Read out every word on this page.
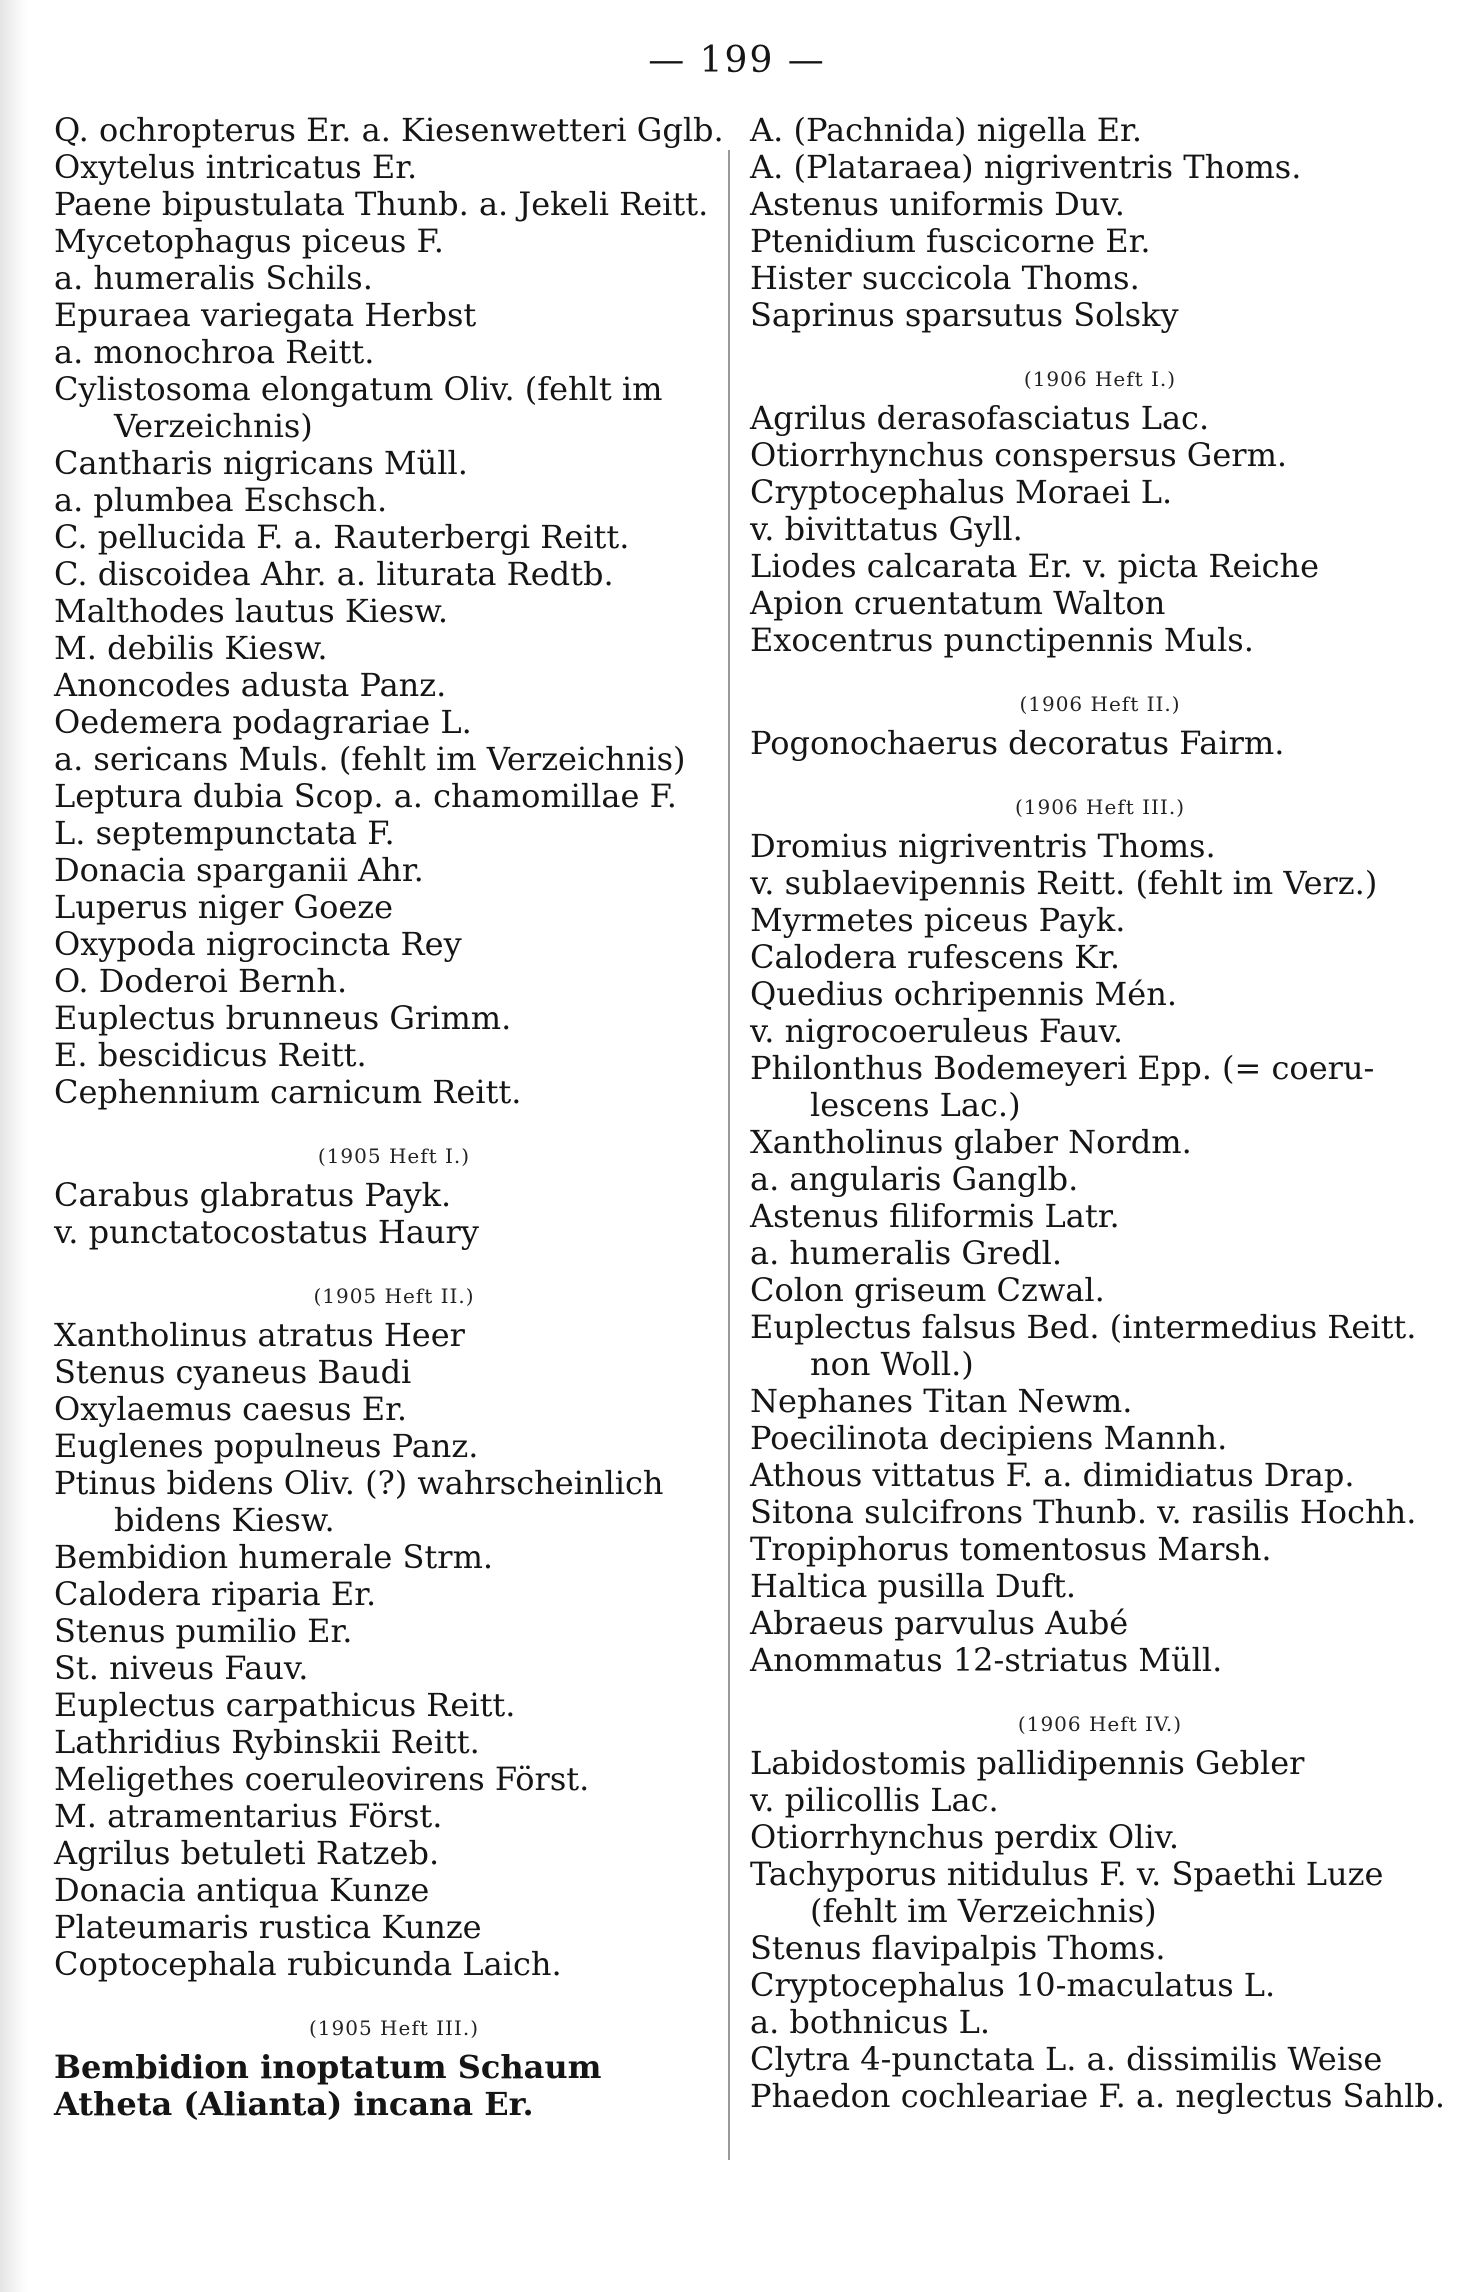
— 199 —
Q. ochropterus Er. a. Kiesenwetteri Gglb.
Oxytelus intricatus Er.
Paene bipustulata Thunb. a. Jekeli Reitt.
Mycetophagus piceus F.
a. humeralis Schils.
Epuraea variegata Herbst
a. monochroa Reitt.
Cylistosoma elongatum Oliv. (fehlt im
Verzeichnis)
Cantharis nigricans Müll.
a. plumbea Eschsch.
C. pellucida F. a. Rauterbergi Reitt.
C. discoidea Ahr. a. liturata Redtb.
Malthodes lautus Kiesw.
M. debilis Kiesw.
Anoncodes adusta Panz.
Oedemera podagrariae L.
a. sericans Muls. (fehlt im Verzeichnis)
Leptura dubia Scop. a. chamomillae F.
L. septempunctata F.
Donacia sparganii Ahr.
Luperus niger Goeze
Oxypoda nigrocincta Rey
O. Doderoi Bernh.
Euplectus brunneus Grimm.
E. bescidicus Reitt.
Cephennium carnicum Reitt.
(1905 Heft I.)
Carabus glabratus Payk.
v. punctatocostatus Haury
(1905 Heft II.)
Xantholinus atratus Heer
Stenus cyaneus Baudi
Oxylaemus caesus Er.
Euglenes populneus Panz.
Ptinus bidens Oliv. (?) wahrscheinlich
bidens Kiesw.
Bembidion humerale Strm.
Calodera riparia Er.
Stenus pumilio Er.
St. niveus Fauv.
Euplectus carpathicus Reitt.
Lathridius Rybinskii Reitt.
Meligethes coeruleovirens Först.
M. atramentarius Först.
Agrilus betuleti Ratzeb.
Donacia antiqua Kunze
Plateumaris rustica Kunze
Coptocephala rubicunda Laich.
(1905 Heft III.)
Bembidion inoptatum Schaum
Atheta (Alianta) incana Er.
A. (Pachnida) nigella Er.
A. (Plataraea) nigriventris Thoms.
Astenus uniformis Duv.
Ptenidium fuscicorne Er.
Hister succicola Thoms.
Saprinus sparsutus Solsky
(1906 Heft I.)
Agrilus derasofasciatus Lac.
Otiorrhynchus conspersus Germ.
Cryptocephalus Moraei L.
v. bivittatus Gyll.
Liodes calcarata Er. v. picta Reiche
Apion cruentatum Walton
Exocentrus punctipennis Muls.
(1906 Heft II.)
Pogonochaerus decoratus Fairm.
(1906 Heft III.)
Dromius nigriventris Thoms.
v. sublaevipennis Reitt. (fehlt im Verz.)
Myrmetes piceus Payk.
Calodera rufescens Kr.
Quedius ochripennis Mén.
v. nigrocoeruleus Fauv.
Philonthus Bodemeyeri Epp. (= coeru-
lescens Lac.)
Xantholinus glaber Nordm.
a. angularis Ganglb.
Astenus filiformis Latr.
a. humeralis Gredl.
Colon griseum Czwal.
Euplectus falsus Bed. (intermedius Reitt.
non Woll.)
Nephanes Titan Newm.
Poecilinota decipiens Mannh.
Athous vittatus F. a. dimidiatus Drap.
Sitona sulcifrons Thunb. v. rasilis Hochh.
Tropiphorus tomentosus Marsh.
Haltica pusilla Duft.
Abraeus parvulus Aubé
Anommatus 12-striatus Müll.
(1906 Heft IV.)
Labidostomis pallidipennis Gebler
v. pilicollis Lac.
Otiorrhynchus perdix Oliv.
Tachyporus nitidulus F. v. Spaethi Luze
(fehlt im Verzeichnis)
Stenus flavipalpis Thoms.
Cryptocephalus 10-maculatus L.
a. bothnicus L.
Clytra 4-punctata L. a. dissimilis Weise
Phaedon cochleariae F. a. neglectus Sahlb.
